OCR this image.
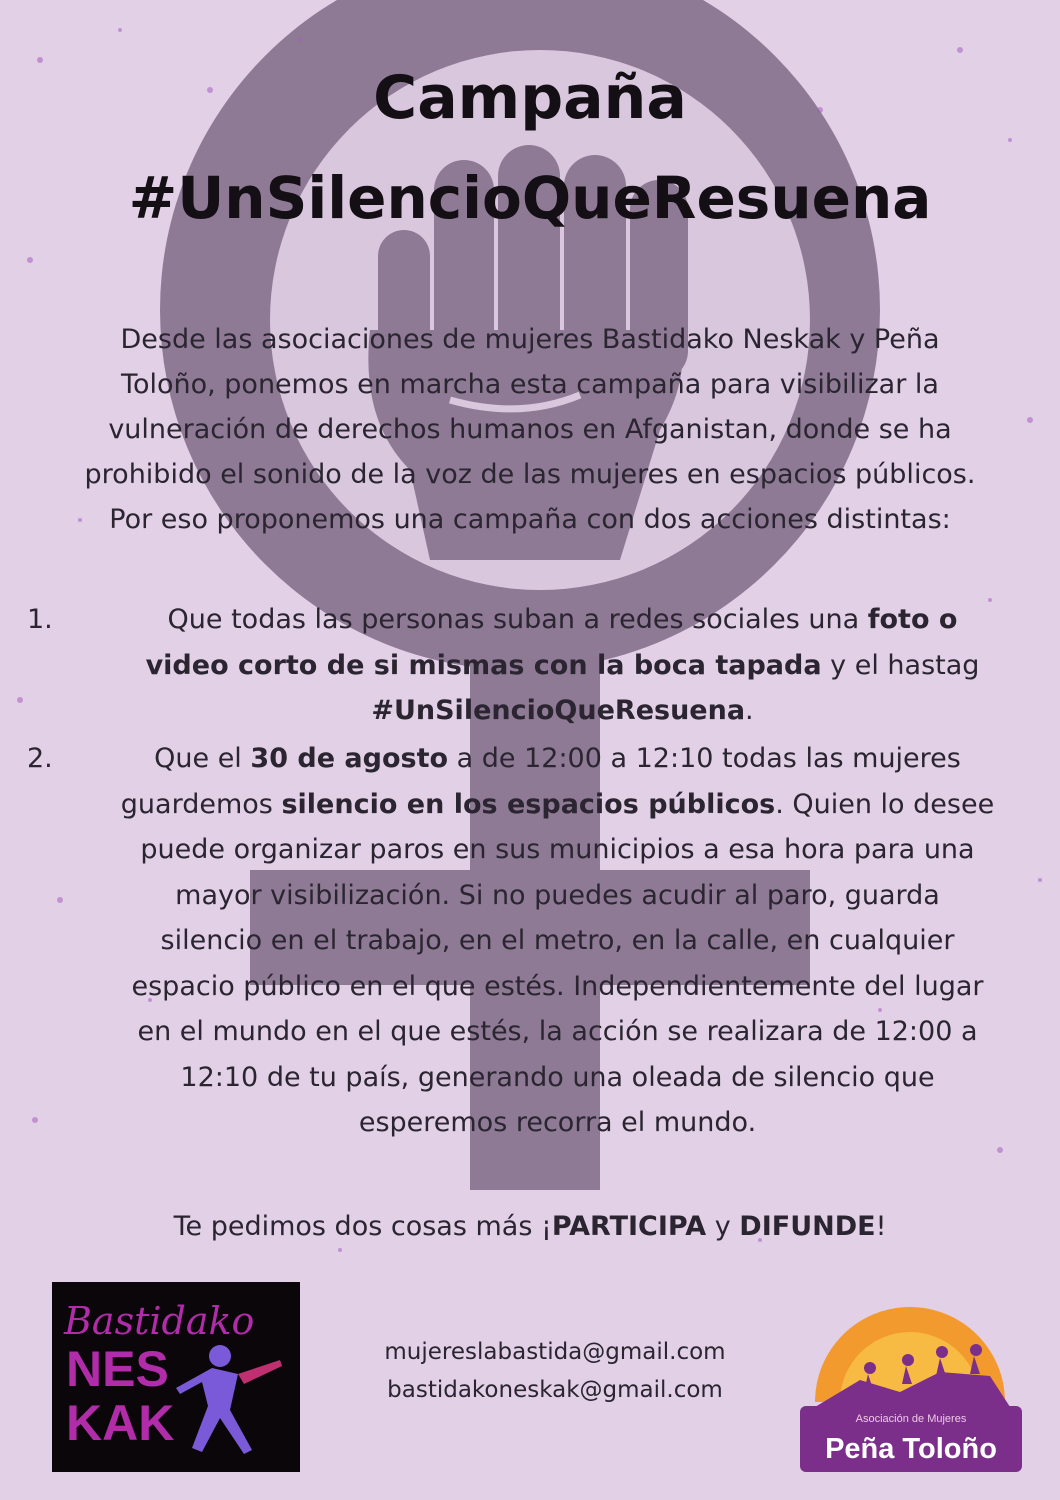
Campaña
#UnSilencioQueResuena
Desde las asociaciones de mujeres Bastidako Neskak y Peña
Toloño, ponemos en marcha esta campaña para visibilizar la
vulneración de derechos humanos en Afganistan, donde se ha
prohibido el sonido de la voz de las mujeres en espacios públicos.
Por eso proponemos una campaña con dos acciones distintas:
1.	Que todas las personas suban a redes sociales una foto o
video corto de si mismas con la boca tapada y el hastag
#UnSilencioQueResuena.
2.	Que el 30 de agosto a de 12:00 a 12:10 todas las mujeres
guardemos silencio en los espacios públicos. Quien lo desee
puede organizar paros en sus municipios a esa hora para una
mayor visibilización. Si no puedes acudir al paro, guarda
silencio en el trabajo, en el metro, en la calle, en cualquier
espacio público en el que estés. Independientemente del lugar
en el mundo en el que estés, la acción se realizara de 12:00 a
12:10 de tu país, generando una oleada de silencio que
esperemos recorra el mundo.
Te pedimos dos cosas más ¡PARTICIPA y DIFUNDE!
Bastidako
NES
KAK
mujereslabastida@gmail.com
bastidakoneskak@gmail.com
Asociación de Mujeres
Peña Toloño
